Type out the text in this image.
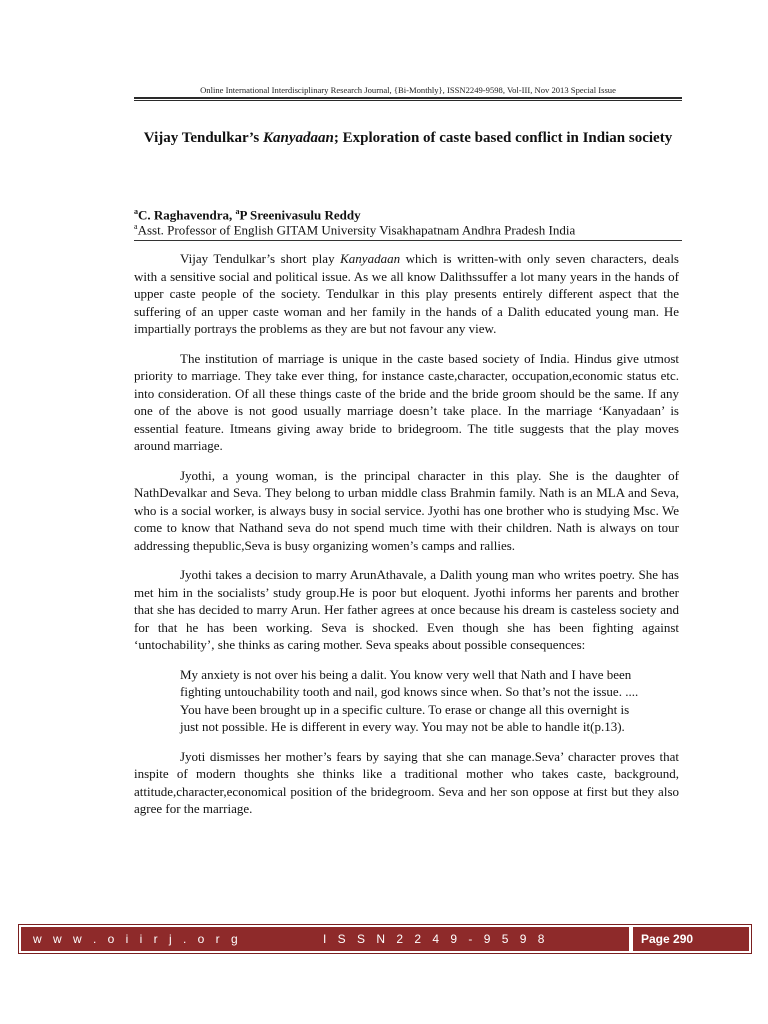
Online International Interdisciplinary Research Journal, {Bi-Monthly}, ISSN2249-9598, Vol-III, Nov 2013 Special Issue
Vijay Tendulkar’s Kanyadaan; Exploration of caste based conflict in Indian society
$^a$C. Raghavendra, $^a$P Sreenivasulu Reddy
$^a$Asst. Professor of English GITAM University Visakhapatnam Andhra Pradesh India

Vijay Tendulkar’s short play Kanyadaan which is written-with only seven characters, deals with a sensitive social and political issue. As we all know Dalithssuffer a lot many years in the hands of upper caste people of the society. Tendulkar in this play presents entirely different aspect that the suffering of an upper caste woman and her family in the hands of a Dalith educated young man. He impartially portrays the problems as they are but not favour any view.

The institution of marriage is unique in the caste based society of India. Hindus give utmost priority to marriage. They take ever thing, for instance caste,character, occupation,economic status etc. into consideration. Of all these things caste of the bride and the bride groom should be the same. If any one of the above is not good usually marriage doesn’t take place. In the marriage ‘Kanyadaan’ is essential feature. Itmeans giving away bride to bridegroom. The title suggests that the play moves around marriage.

Jyothi, a young woman, is the principal character in this play. She is the daughter of NathDevalkar and Seva. They belong to urban middle class Brahmin family. Nath is an MLA and Seva, who is a social worker, is always busy in social service. Jyothi has one brother who is studying Msc. We come to know that Nathand seva do not spend much time with their children. Nath is always on tour addressing thepublic,Seva is busy organizing women’s camps and rallies.

Jyothi takes a decision to marry ArunAthavale, a Dalith young man who writes poetry. She has met him in the socialists’ study group.He is poor but eloquent. Jyothi informs her parents and brother that she has decided to marry Arun. Her father agrees at once because his dream is casteless society and for that he has been working. Seva is shocked. Even though she has been fighting against ‘untochability’, she thinks as caring mother. Seva speaks about possible consequences:

My anxiety is not over his being a dalit. You know very well that Nath and I have been fighting untouchability tooth and nail, god knows since when. So that’s not the issue. .... You have been brought up in a specific culture. To erase or change all this overnight is just not possible. He is different in every way. You may not be able to handle it(p.13).

Jyoti dismisses her mother’s fears by saying that she can manage.Seva’ character proves that inspite of modern thoughts she thinks like a traditional mother who takes caste, background, attitude,character,economical position of the bridegroom. Seva and her son oppose at first but they also agree for the marriage.

w w w . o i i r j . o r g	I S S N 2 2 4 9 - 9 5 9 8	Page 290
